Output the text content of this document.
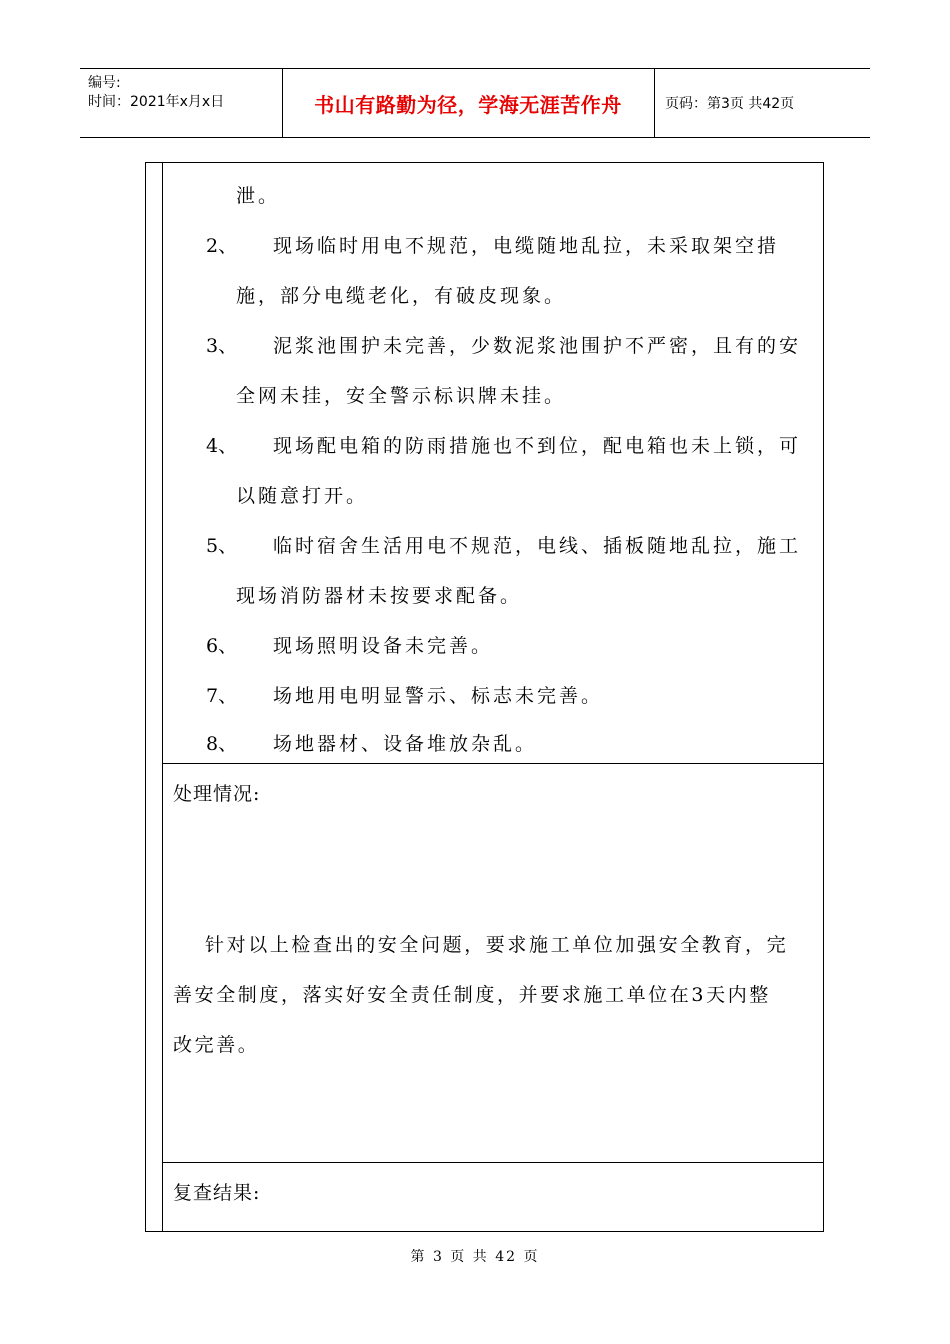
编号:
时间：2021年x月x日	书山有路勤为径，学海无涯苦作舟	页码：第3页 共42页
泄。
2、 现场临时用电不规范，电缆随地乱拉，未采取架空措
施，部分电缆老化，有破皮现象。
3、 泥浆池围护未完善，少数泥浆池围护不严密，且有的安
全网未挂，安全警示标识牌未挂。
4、 现场配电箱的防雨措施也不到位，配电箱也未上锁，可
以随意打开。
5、 临时宿舍生活用电不规范，电线、插板随地乱拉，施工
现场消防器材未按要求配备。
6、 现场照明设备未完善。
7、 场地用电明显警示、标志未完善。
8、 场地器材、设备堆放杂乱。
处理情况:
针对以上检查出的安全问题，要求施工单位加强安全教育，完
善安全制度，落实好安全责任制度，并要求施工单位在3天内整
改完善。
复查结果:
第 3 页 共 42 页
